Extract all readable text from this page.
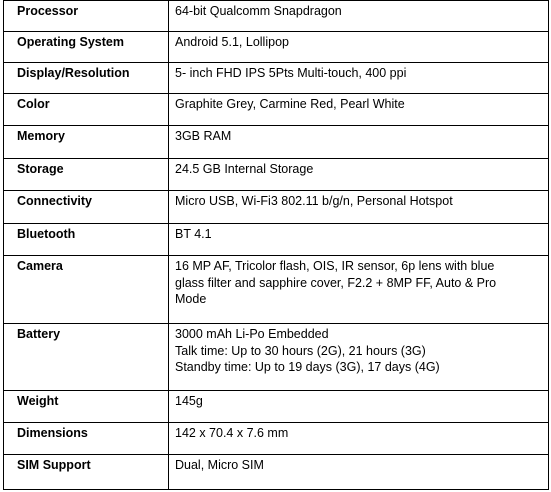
Processor	64-bit Qualcomm Snapdragon

Operating System	Android 5.1, Lollipop

Display/Resolution	5- inch FHD IPS 5Pts Multi-touch, 400 ppi

Color	Graphite Grey, Carmine Red, Pearl White

Memory	3GB RAM

Storage	24.5 GB Internal Storage

Connectivity	Micro USB, Wi-Fi3 802.11 b/g/n, Personal Hotspot

Bluetooth	BT 4.1

Camera	16 MP AF, Tricolor flash, OIS, IR sensor, 6p lens with blue
glass filter and sapphire cover, F2.2 + 8MP FF, Auto & Pro
Mode

Battery	3000 mAh Li-Po Embedded
Talk time: Up to 30 hours (2G), 21 hours (3G)
Standby time: Up to 19 days (3G), 17 days (4G)

Weight	145g

Dimensions	142 x 70.4 x 7.6 mm

SIM Support	Dual, Micro SIM
